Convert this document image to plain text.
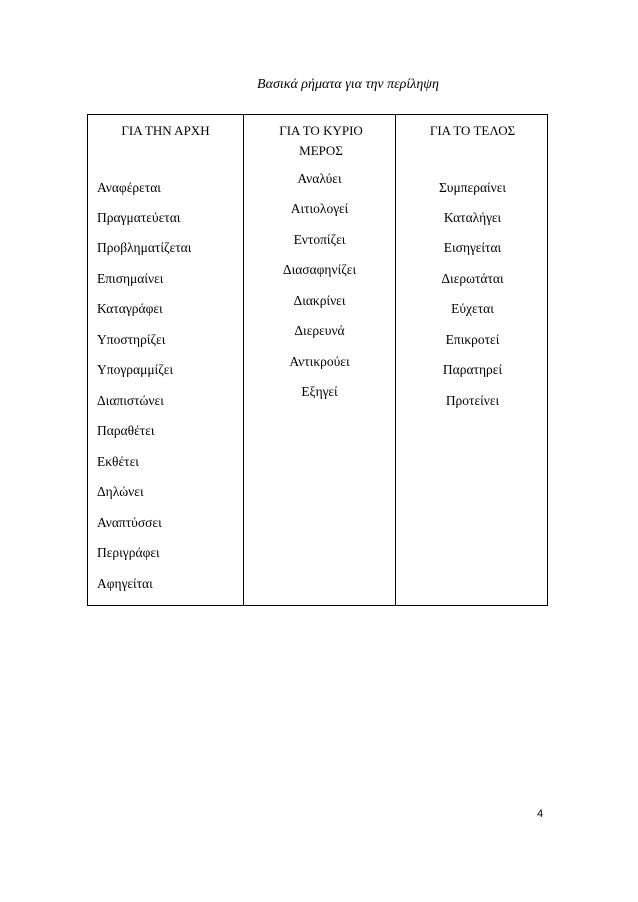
Βασικά ρήματα για την περίληψη
ΓΙΑ ΤΗΝ ΑΡΧΗ	ΓΙΑ ΤΟ ΚΥΡΙΟ
ΜΕΡΟΣ
ΓΙΑ ΤΟ ΤΕΛΟΣ
Αναφέρεται
Πραγματεύεται
Προβληματίζεται
Επισημαίνει
Καταγράφει
Υποστηρίζει
Υπογραμμίζει
Διαπιστώνει
Παραθέτει
Εκθέτει
Δηλώνει
Αναπτύσσει
Περιγράφει
Αφηγείται
Αναλύει
Αιτιολογεί
Εντοπίζει
Διασαφηνίζει
Διακρίνει
Διερευνά
Αντικρούει
Εξηγεί
Συμπεραίνει
Καταλήγει
Εισηγείται
Διερωτάται
Εύχεται
Επικροτεί
Παρατηρεί
Προτείνει
4
